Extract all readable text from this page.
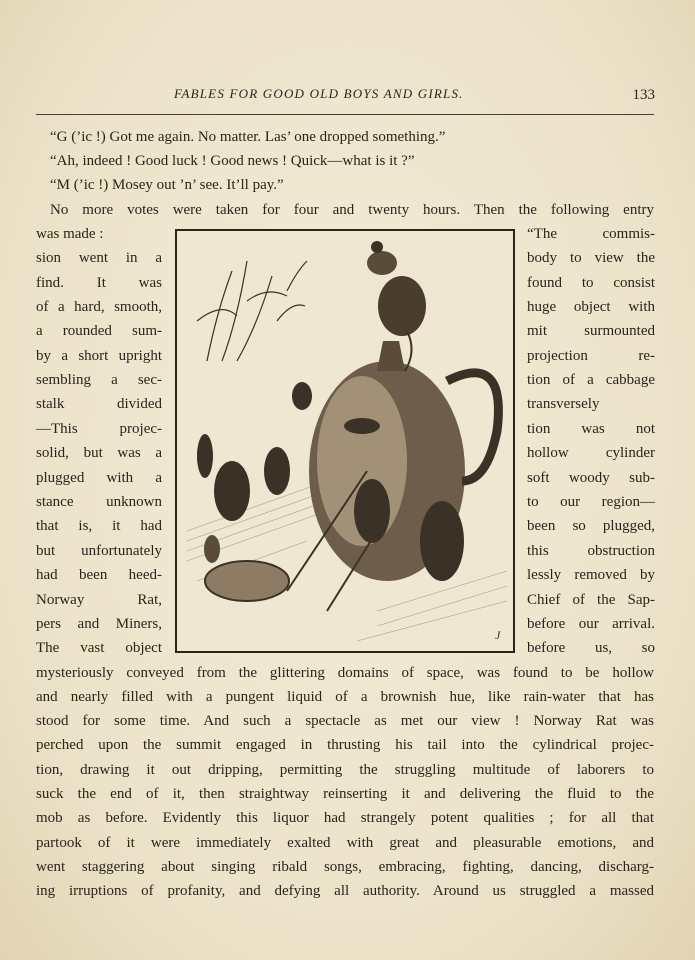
FABLES FOR GOOD OLD BOYS AND GIRLS.	133
“G (’ic !) Got me again. No matter. Las’ one dropped something.”
“Ah, indeed ! Good luck ! Good news ! Quick—what is it ?”
“M (’ic !) Mosey out ’n’ see. It’ll pay.”
No more votes were taken for four and twenty hours. Then the following entry
was made :
sion went in a
find. It was
of a hard, smooth,
a rounded sum-
by a short upright
sembling a sec-
stalk divided
—This projec-
solid, but was a
plugged with a
stance unknown
that is, it had
but unfortunately
had been heed-
Norway Rat,
pers and Miners,
The vast object
“The commis-
body to view the
found to consist
huge object with
mit surmounted
projection re-
tion of a cabbage
transversely
tion was not
hollow cylinder
soft woody sub-
to our region—
been so plugged,
this obstruction
lessly removed by
Chief of the Sap-
before our arrival.
before us, so
J
mysteriously conveyed from the glittering domains of space, was found to be hollow
and nearly filled with a pungent liquid of a brownish hue, like rain-water that has
stood for some time. And such a spectacle as met our view ! Norway Rat was
perched upon the summit engaged in thrusting his tail into the cylindrical projec-
tion, drawing it out dripping, permitting the struggling multitude of laborers to
suck the end of it, then straightway reinserting it and delivering the fluid to the
mob as before. Evidently this liquor had strangely potent qualities ; for all that
partook of it were immediately exalted with great and pleasurable emotions, and
went staggering about singing ribald songs, embracing, fighting, dancing, discharg-
ing irruptions of profanity, and defying all authority. Around us struggled a massed
